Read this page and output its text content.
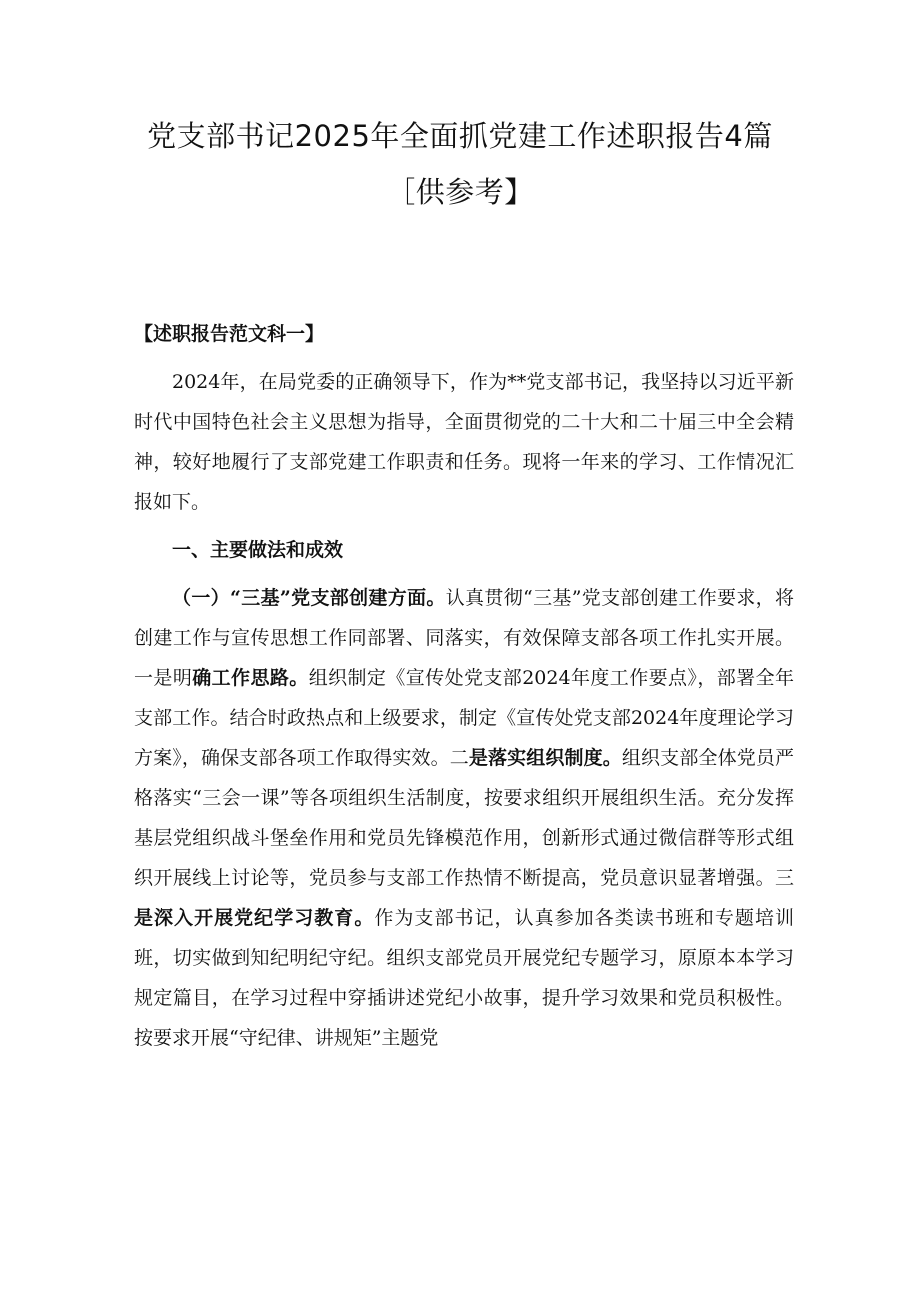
党支部书记2025年全面抓党建工作述职报告4篇［供参考】

【述职报告范文科一】

2024年，在局党委的正确领导下，作为**党支部书记，我坚持以习近平新时代中国特色社会主义思想为指导，全面贯彻党的二十大和二十届三中全会精神，较好地履行了支部党建工作职责和任务。现将一年来的学习、工作情况汇报如下。

一、主要做法和成效

（一）“三基”党支部创建方面。认真贯彻“三基”党支部创建工作要求，将创建工作与宣传思想工作同部署、同落实，有效保障支部各项工作扎实开展。一是明确工作思路。组织制定《宣传处党支部2024年度工作要点》，部署全年支部工作。结合时政热点和上级要求，制定《宣传处党支部2024年度理论学习方案》，确保支部各项工作取得实效。二是落实组织制度。组织支部全体党员严格落实“三会一课”等各项组织生活制度，按要求组织开展组织生活。充分发挥基层党组织战斗堡垒作用和党员先锋模范作用，创新形式通过微信群等形式组织开展线上讨论等，党员参与支部工作热情不断提高，党员意识显著增强。三是深入开展党纪学习教育。作为支部书记，认真参加各类读书班和专题培训班，切实做到知纪明纪守纪。组织支部党员开展党纪专题学习，原原本本学习规定篇目，在学习过程中穿插讲述党纪小故事，提升学习效果和党员积极性。按要求开展“守纪律、讲规矩”主题党
